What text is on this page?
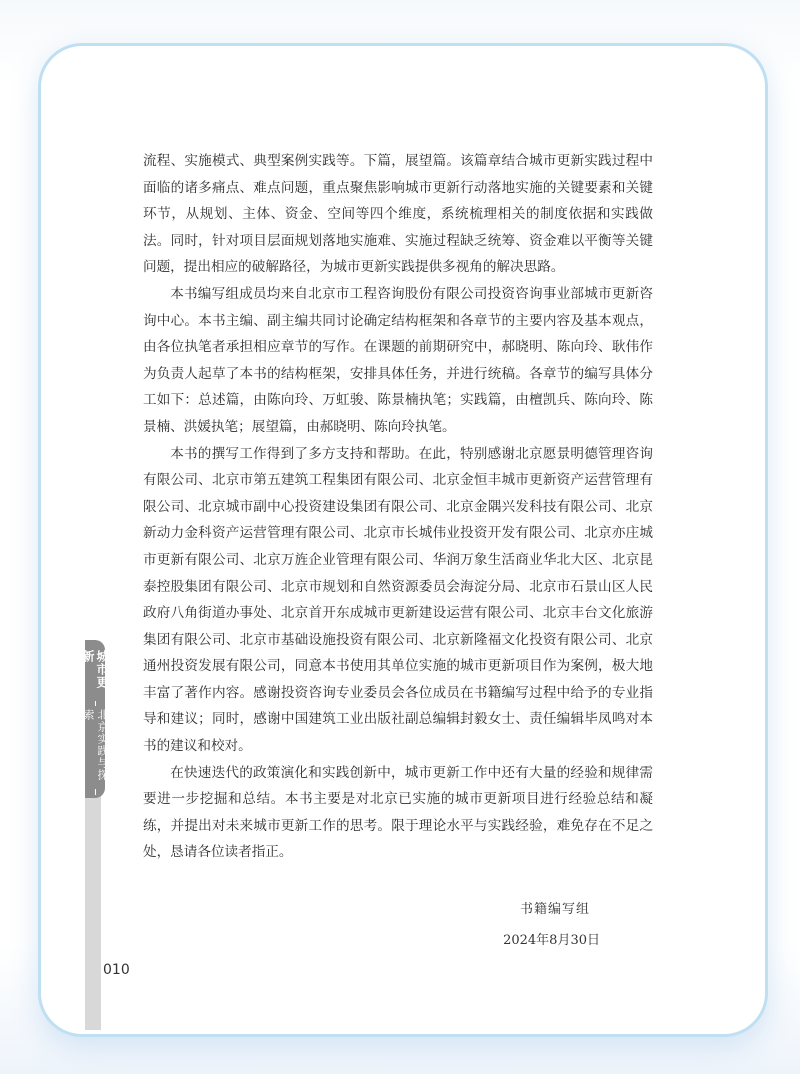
城市更新
北京实践与探索

流程、实施模式、典型案例实践等。下篇，展望篇。该篇章结合城市更新实践过程中面临的诸多痛点、难点问题，重点聚焦影响城市更新行动落地实施的关键要素和关键环节，从规划、主体、资金、空间等四个维度，系统梳理相关的制度依据和实践做法。同时，针对项目层面规划落地实施难、实施过程缺乏统筹、资金难以平衡等关键问题，提出相应的破解路径，为城市更新实践提供多视角的解决思路。

本书编写组成员均来自北京市工程咨询股份有限公司投资咨询事业部城市更新咨询中心。本书主编、副主编共同讨论确定结构框架和各章节的主要内容及基本观点，由各位执笔者承担相应章节的写作。在课题的前期研究中，郝晓明、陈向玲、耿伟作为负责人起草了本书的结构框架，安排具体任务，并进行统稿。各章节的编写具体分工如下：总述篇，由陈向玲、万虹骏、陈景楠执笔；实践篇，由檀凯兵、陈向玲、陈景楠、洪媛执笔；展望篇，由郝晓明、陈向玲执笔。

本书的撰写工作得到了多方支持和帮助。在此，特别感谢北京愿景明德管理咨询有限公司、北京市第五建筑工程集团有限公司、北京金恒丰城市更新资产运营管理有限公司、北京城市副中心投资建设集团有限公司、北京金隅兴发科技有限公司、北京新动力金科资产运营管理有限公司、北京市长城伟业投资开发有限公司、北京亦庄城市更新有限公司、北京万旌企业管理有限公司、华润万象生活商业华北大区、北京昆泰控股集团有限公司、北京市规划和自然资源委员会海淀分局、北京市石景山区人民政府八角街道办事处、北京首开东成城市更新建设运营有限公司、北京丰台文化旅游集团有限公司、北京市基础设施投资有限公司、北京新隆福文化投资有限公司、北京通州投资发展有限公司，同意本书使用其单位实施的城市更新项目作为案例，极大地丰富了著作内容。感谢投资咨询专业委员会各位成员在书籍编写过程中给予的专业指导和建议；同时，感谢中国建筑工业出版社副总编辑封毅女士、责任编辑毕凤鸣对本书的建议和校对。

在快速迭代的政策演化和实践创新中，城市更新工作中还有大量的经验和规律需要进一步挖掘和总结。本书主要是对北京已实施的城市更新项目进行经验总结和凝练，并提出对未来城市更新工作的思考。限于理论水平与实践经验，难免存在不足之处，恳请各位读者指正。

书籍编写组
2024年8月30日
010
